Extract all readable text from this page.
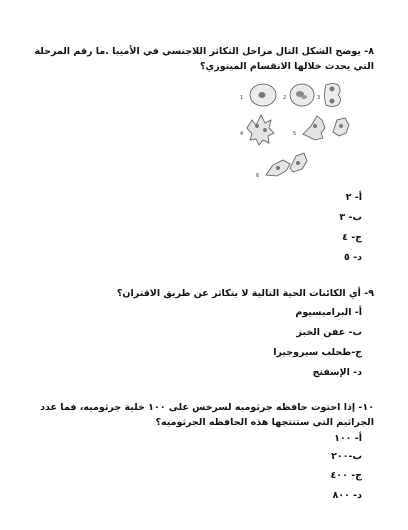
٨- يوضح الشكل التال مراحل التكاثر اللاجنسي في الأميبا .ما رقم المرحلة التي يحدث خلالها الانقسام الميتوزي؟
1	2	3
4	5
6
أ- ٢
ب- ٣
ج- ٤
د- ٥
٩- أي الكائنات الحية التالية لا يتكاثر عن طريق الاقتران؟
أ- البراميسيوم
ب- عفن الخبز
ج-طحلب سيروجيرا
د- الإسفنج
١٠- إذا احتوت حافظه جرثوميه لسرخس على ١٠٠ خلية جرثوميه، فما عدد الجراثيم التي ستنتجها هذه الحافظه الجرثوميه؟
أ- ١٠٠
ب-٢٠٠
ج- ٤٠٠
د- ٨٠٠
